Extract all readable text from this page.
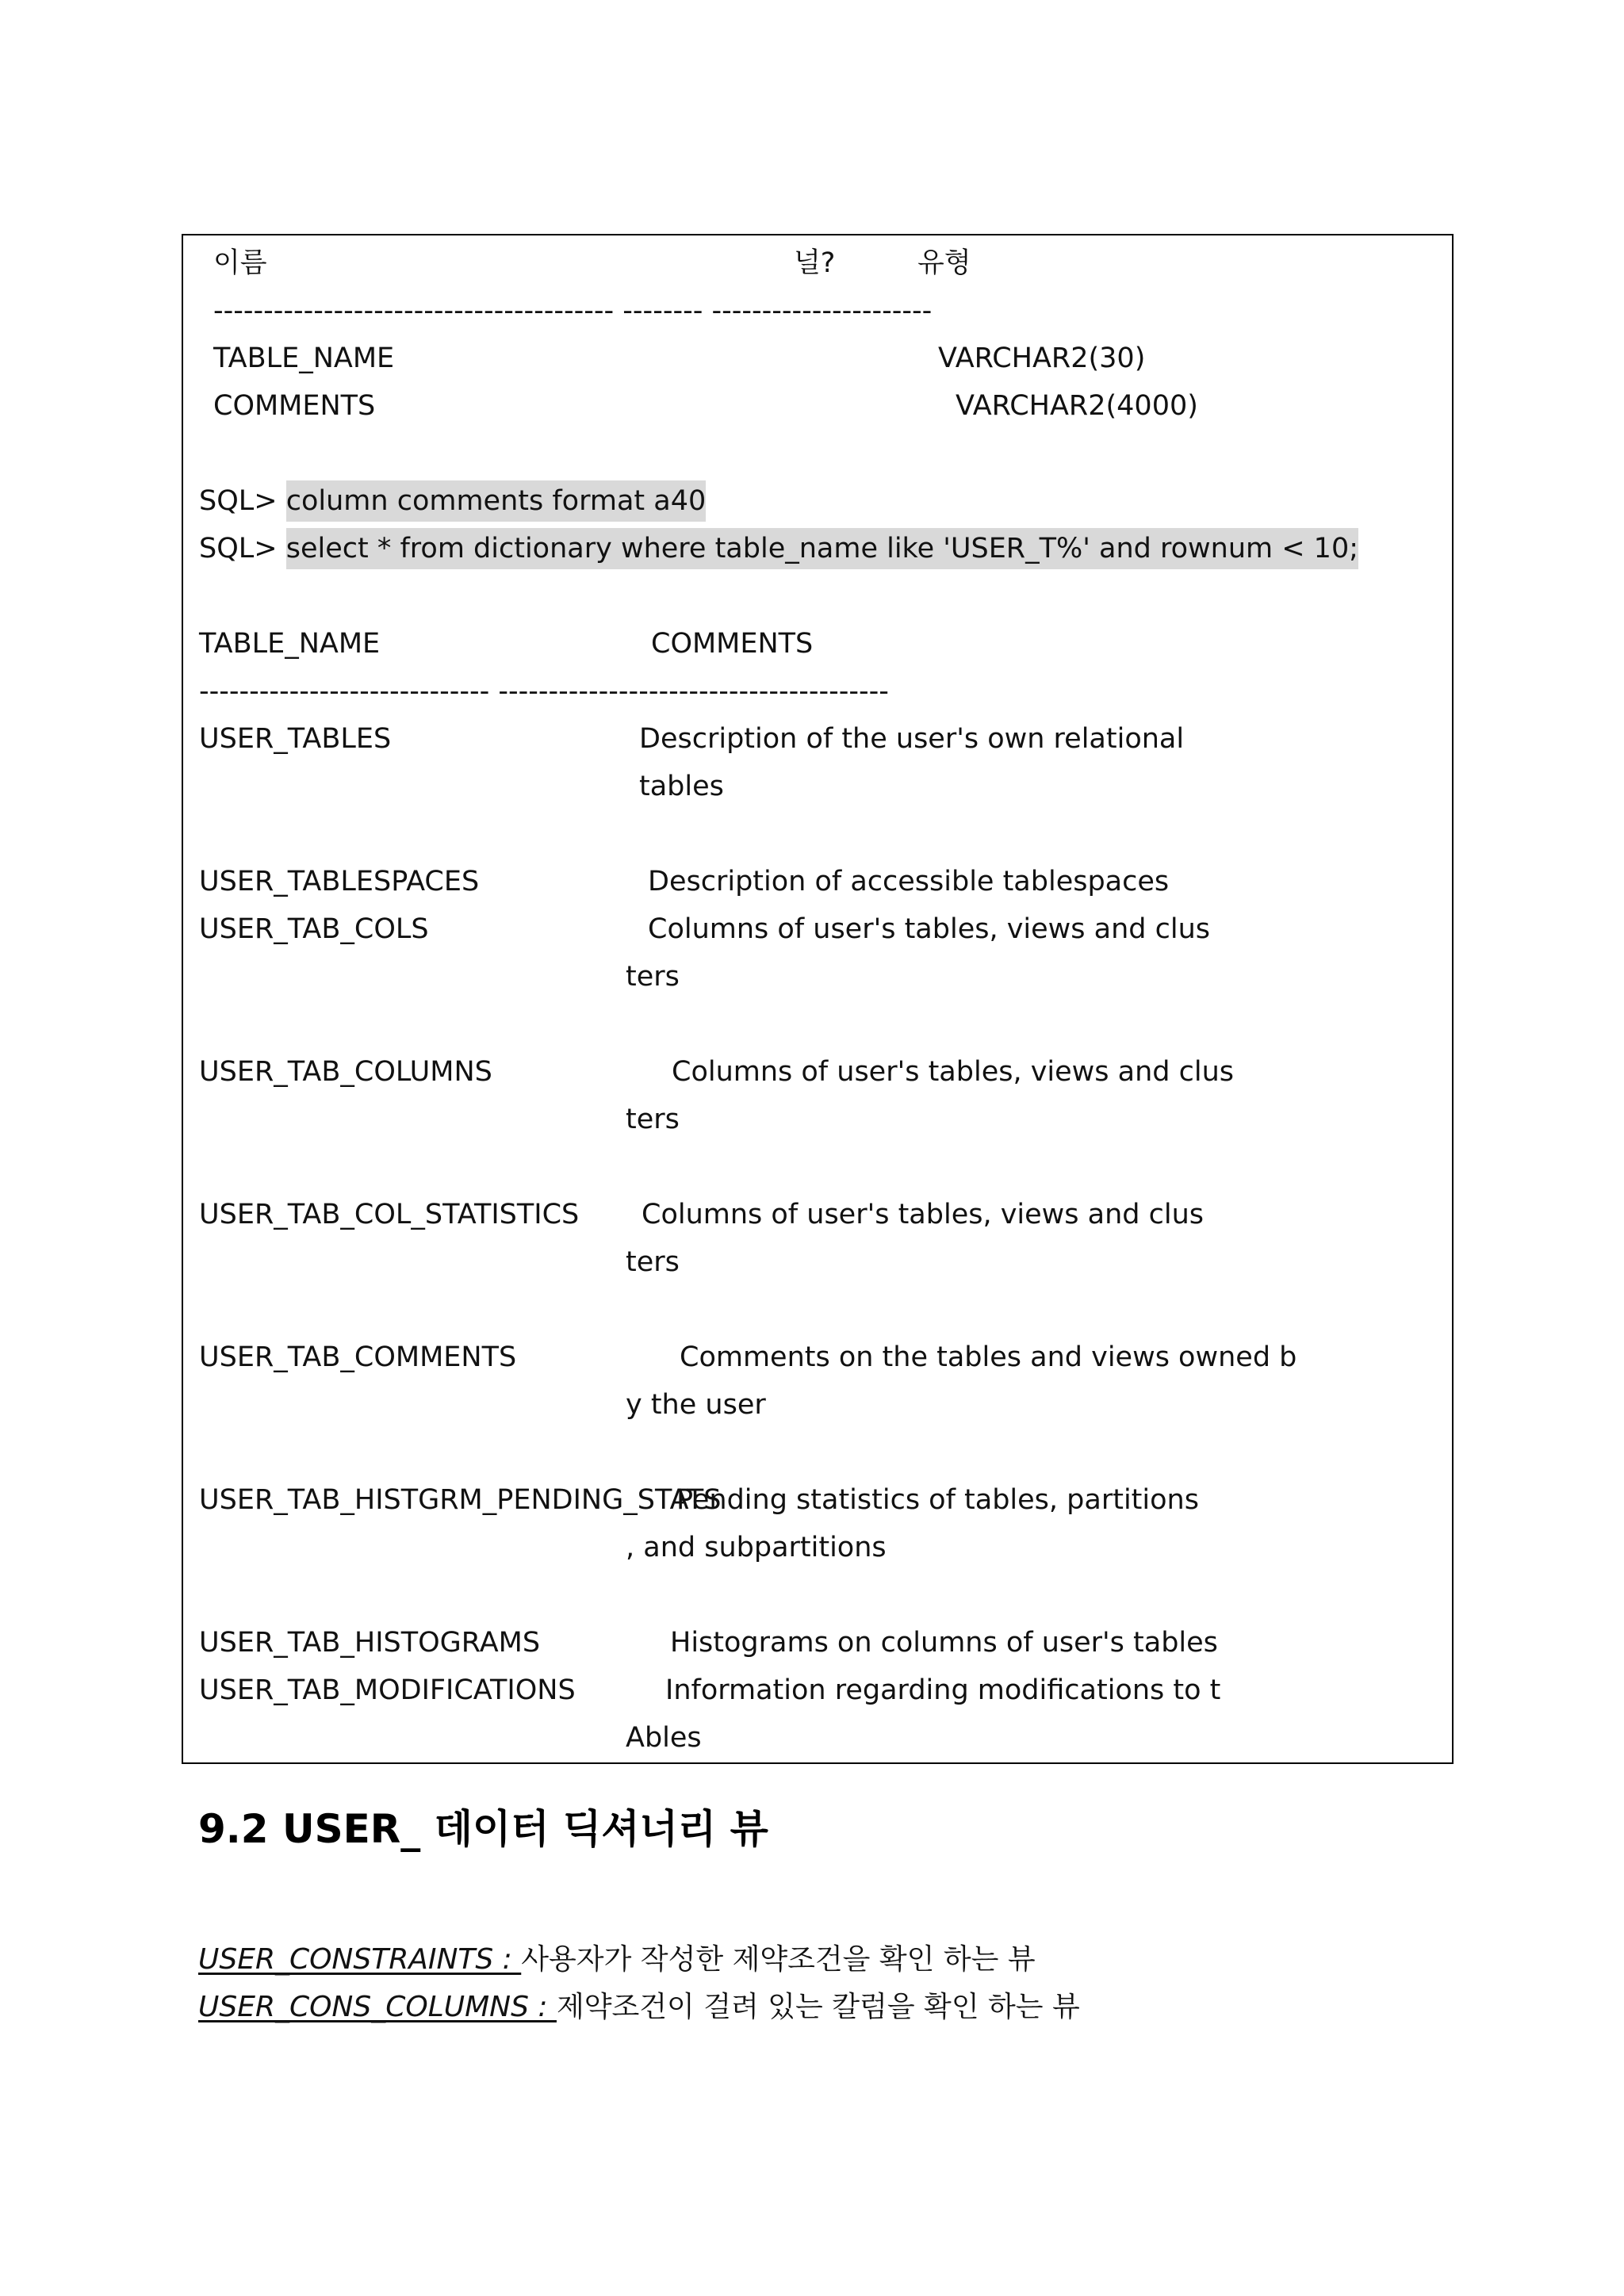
이름	널?	유형
---------------------------------------- -------- ----------------------
TABLE_NAME	VARCHAR2(30)
COMMENTS	VARCHAR2(4000)
SQL> column comments format a40
SQL> select * from dictionary where table_name like 'USER_T%' and rownum < 10;
TABLE_NAME	COMMENTS
----------------------------- ---------------------------------------
USER_TABLES	Description of the user's own relational
tables
USER_TABLESPACES	Description of accessible tablespaces
USER_TAB_COLS	Columns of user's tables, views and clus
ters
USER_TAB_COLUMNS	Columns of user's tables, views and clus
ters
USER_TAB_COL_STATISTICS Columns of user's tables, views and clus
ters
USER_TAB_COMMENTS	Comments on the tables and views owned b
y the user
USER_TAB_HISTGRM_PENDING_STATS
Pending statistics of tables, partitions
, and subpartitions
USER_TAB_HISTOGRAMS	Histograms on columns of user's tables
USER_TAB_MODIFICATIONS	Information regarding modifications to t
Ables
9.2 USER_ 데이터 딕셔너리 뷰
USER_CONSTRAINTS : 사용자가 작성한 제약조건을 확인 하는 뷰
USER_CONS_COLUMNS : 제약조건이 걸려 있는 칼럼을 확인 하는 뷰
